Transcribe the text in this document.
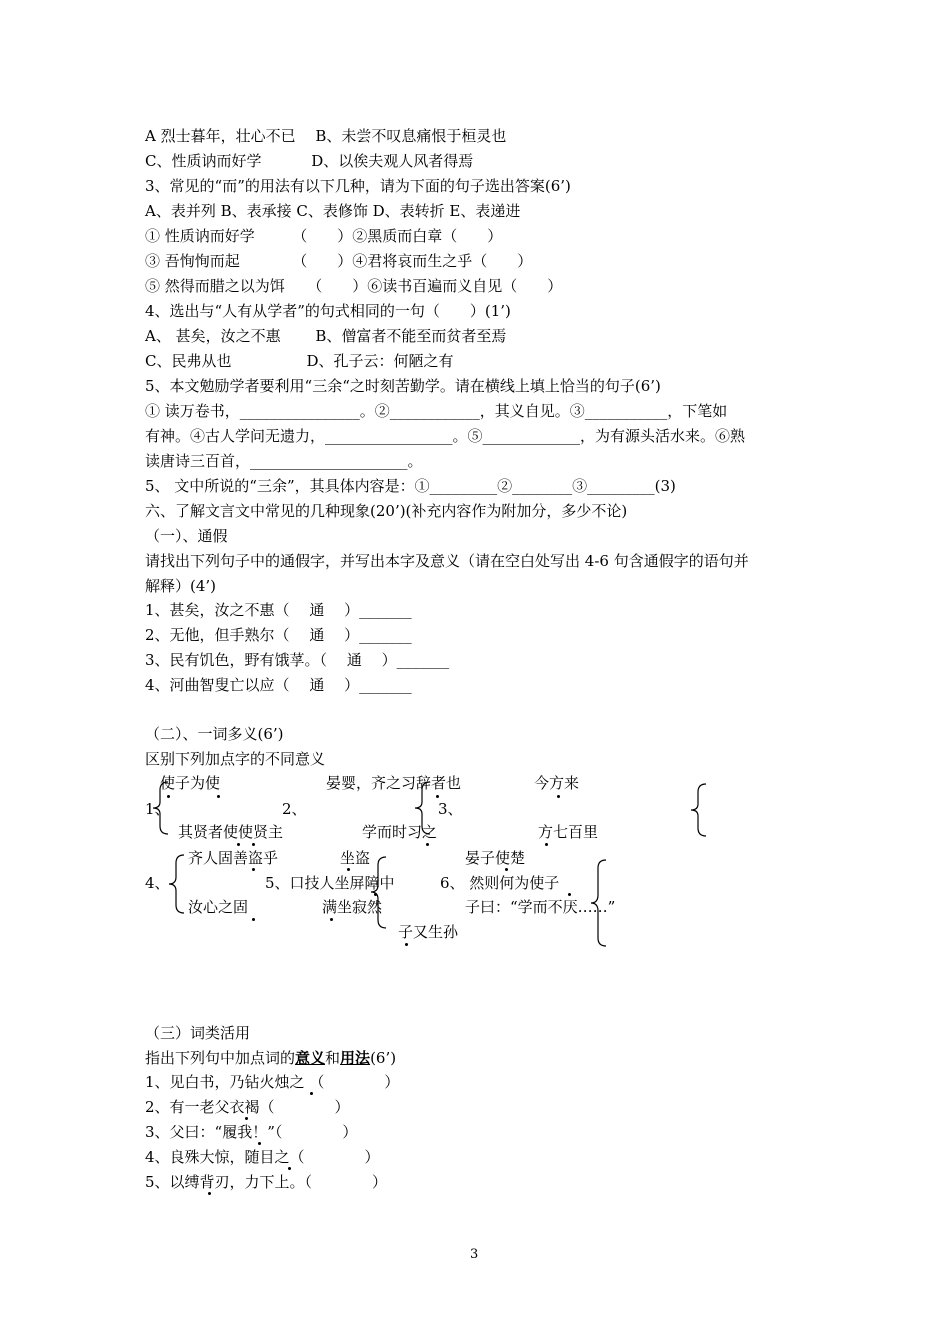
A 烈士暮年，壮心不已 　B、未尝不叹息痛恨于桓灵也
C、性质讷而好学 　　　D、以俟夫观人风者得焉
3、常见的“而”的用法有以下几种，请为下面的句子选出答案(6’)
A、表并列 B、表承接 C、表修饰 D、表转折 E、表递进
① 性质讷而好学　　　（　　）②黑质而白章（　　）
③ 吾恂恂而起　　　　（　　）④君将哀而生之乎（　　）
⑤ 然得而腊之以为饵　　（　　）⑥读书百遍而义自见（　　）
4、选出与“人有从学者”的句式相同的一句（　　）(1’)
A、 甚矣，汝之不惠 　　B、僧富者不能至而贫者至焉
C、民弗从也　　　　　D、孔子云：何陋之有
5、本文勉励学者要利用“三余“之时刻苦勤学。请在横线上填上恰当的句子(6’)
① 读万卷书，________________。②____________，其义自见。③___________，下笔如
有神。④古人学问无遗力，_________________。⑤_____________，为有源头活水来。⑥熟
读唐诗三百首，_____________________。
5、 文中所说的“三余”，其具体内容是：①_________②________③_________(3)
六、了解文言文中常见的几种现象(20’)(补充内容作为附加分，多少不论)
（一）、通假
请找出下列句子中的通假字，并写出本字及意义（请在空白处写出 4-6 句含通假字的语句并
解释）(4’)
1、甚矣，汝之不惠（　 通　 ）_______
2、无他，但手熟尔（　 通　 ）_______
3、民有饥色，野有饿莩。（　 通　 ）_______
4、河曲智叟亡以应（　 通　 ）_______
（二）、一词多义(6’)
区别下列加点字的不同意义
使子为使
1、
其贤者使使贤主
晏婴，齐之习辞者也
2、
学而时习之
今方来
3、
方七百里
齐人固善盗乎
4、
汝心之固
坐盗
5、口技人坐屏障中
满坐寂然
晏子使楚
6、 然则何为使子
子曰：“学而不厌……”
子又生孙
（三）词类活用
指出下列句中加点词的意义和用法(6’)
1、见白书，乃钻火烛之 （　　　　）
2、有一老父衣褐（　　　　）
3、父曰：“履我！”（　　　　）
4、良殊大惊，随目之（　　　　）
5、以缚背刃，力下上。（　　　　）
3
